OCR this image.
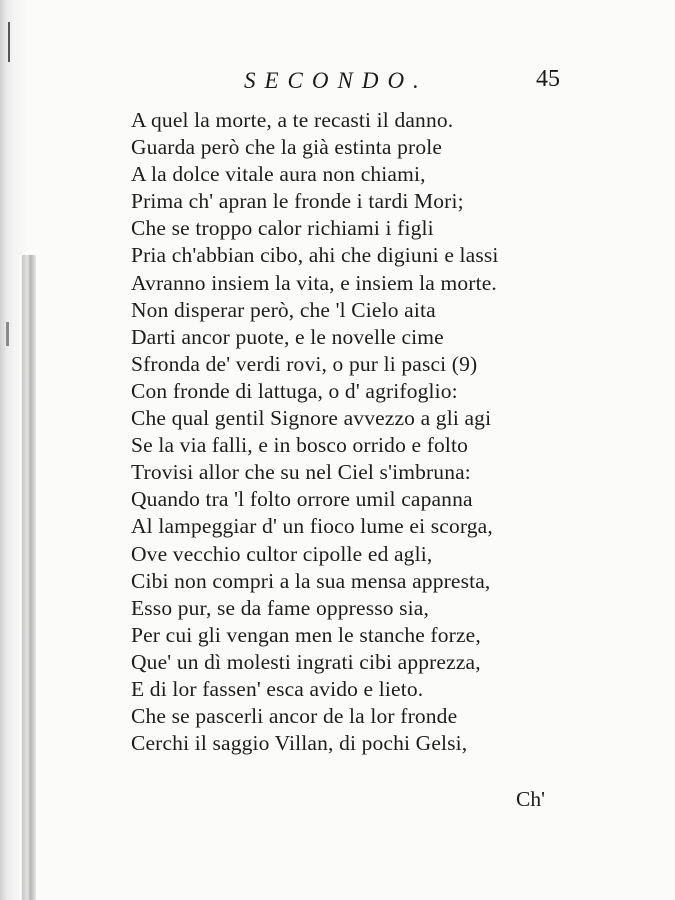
SECONDO.	45
A quel la morte, a te recasti il danno.
Guarda però che la già estinta prole
A la dolce vitale aura non chiami,
Prima ch' apran le fronde i tardi Mori;
Che se troppo calor richiami i figli
Pria ch'abbian cibo, ahi che digiuni e lassi
Avranno insiem la vita, e insiem la morte.
Non disperar però, che 'l Cielo aita
Darti ancor puote, e le novelle cime
Sfronda de' verdi rovi, o pur li pasci (9)
Con fronde di lattuga, o d' agrifoglio:
Che qual gentil Signore avvezzo a gli agi
Se la via falli, e in bosco orrido e folto
Trovisi allor che su nel Ciel s'imbruna:
Quando tra 'l folto orrore umil capanna
Al lampeggiar d' un fioco lume ei scorga,
Ove vecchio cultor cipolle ed agli,
Cibi non compri a la sua mensa appresta,
Esso pur, se da fame oppresso sia,
Per cui gli vengan men le stanche forze,
Que' un dì molesti ingrati cibi apprezza,
E di lor fassen' esca avido e lieto.
Che se pascerli ancor de la lor fronde
Cerchi il saggio Villan, di pochi Gelsi,
Ch'
